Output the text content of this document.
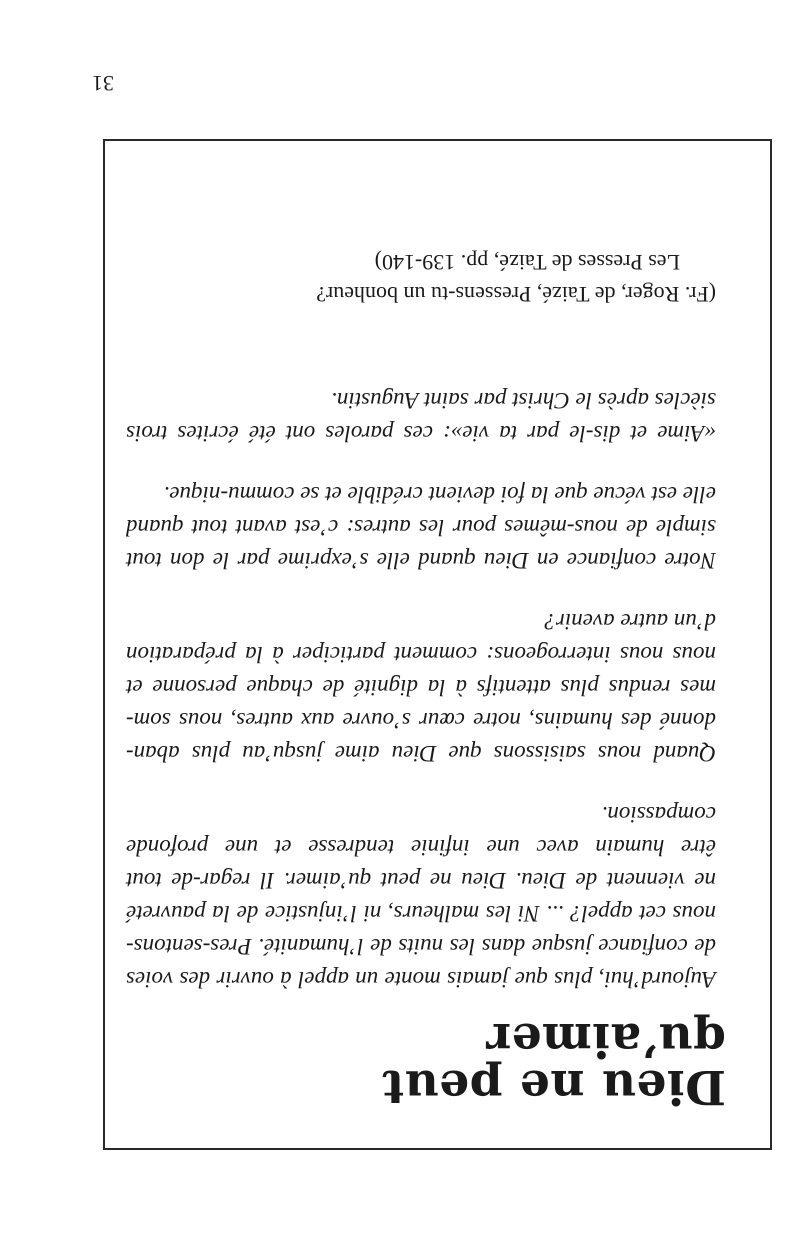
Dieu ne peut qu’aimer

Aujourd’hui, plus que jamais monte un appel à ouvrir des voies de confiance jusque dans les nuits de l’humanité. Pres-sentons-nous cet appel? ... Ni les malheurs, ni l’injustice de la pauvreté ne viennent de Dieu. Dieu ne peut qu’aimer. Il regar-de tout être humain avec une infinie tendresse et une profonde compassion.

Quand nous saisissons que Dieu aime jusqu’au plus aban-donné des humains, notre cœur s’ouvre aux autres, nous som-mes rendus plus attentifs à la dignité de chaque personne et nous nous interrogeons: comment participer à la préparation d’un autre avenir?

Notre confiance en Dieu quand elle s’exprime par le don tout simple de nous-mêmes pour les autres: c’est avant tout quand elle est vécue que la foi devient crédible et se commu-nique.

«Aime et dis-le par ta vie»: ces paroles ont été écrites trois siècles après le Christ par saint Augustin.

(Fr. Roger, de Taizé, Pressens-tu un bonheur?
Les Presses de Taizé, pp. 139-140)
31
